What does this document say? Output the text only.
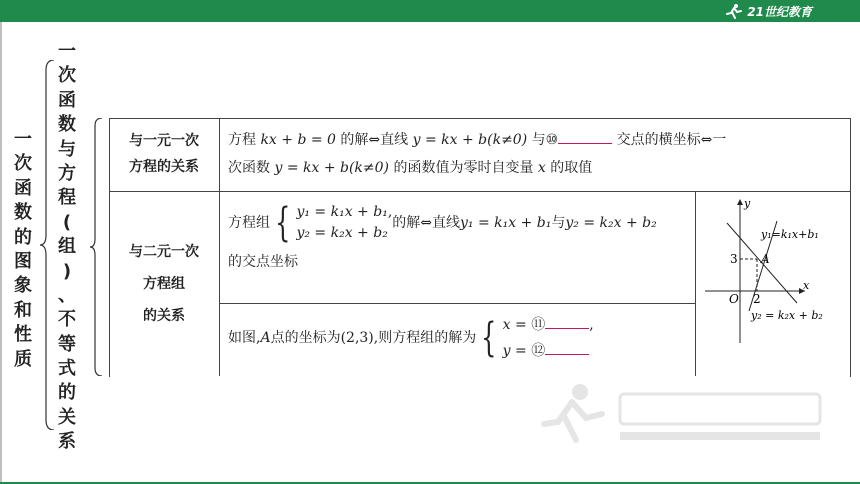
21世纪教育
一
次
函
数
的
图
象
和
性
质
一
次
函
数
与
方
程
(
组
)
、
不
等
式
的
关
系
与一元一次
方程的关系
方程 kx + b = 0 的解⇔直线 y = kx + b(k≠0) 与⑩	交点的横坐标⇔一
次函数 y = kx + b(k≠0) 的函数值为零时自变量 x 的取值
与二元一次
方程组
的关系
方程组 { y₁ = k₁x + b₁,
y₂ = k₂x + b₂
的解⇔直线 y₁ = k₁x + b₁ 与 y₂ = k₂x + b₂
的交点坐标
如图, A 点的坐标为(2,3),则方程组的解为 { x = ⑪	,
y = ⑫
y₁=k₁x+b₁
A
3
2
O
x
y
y₂ = k₂x + b₂
